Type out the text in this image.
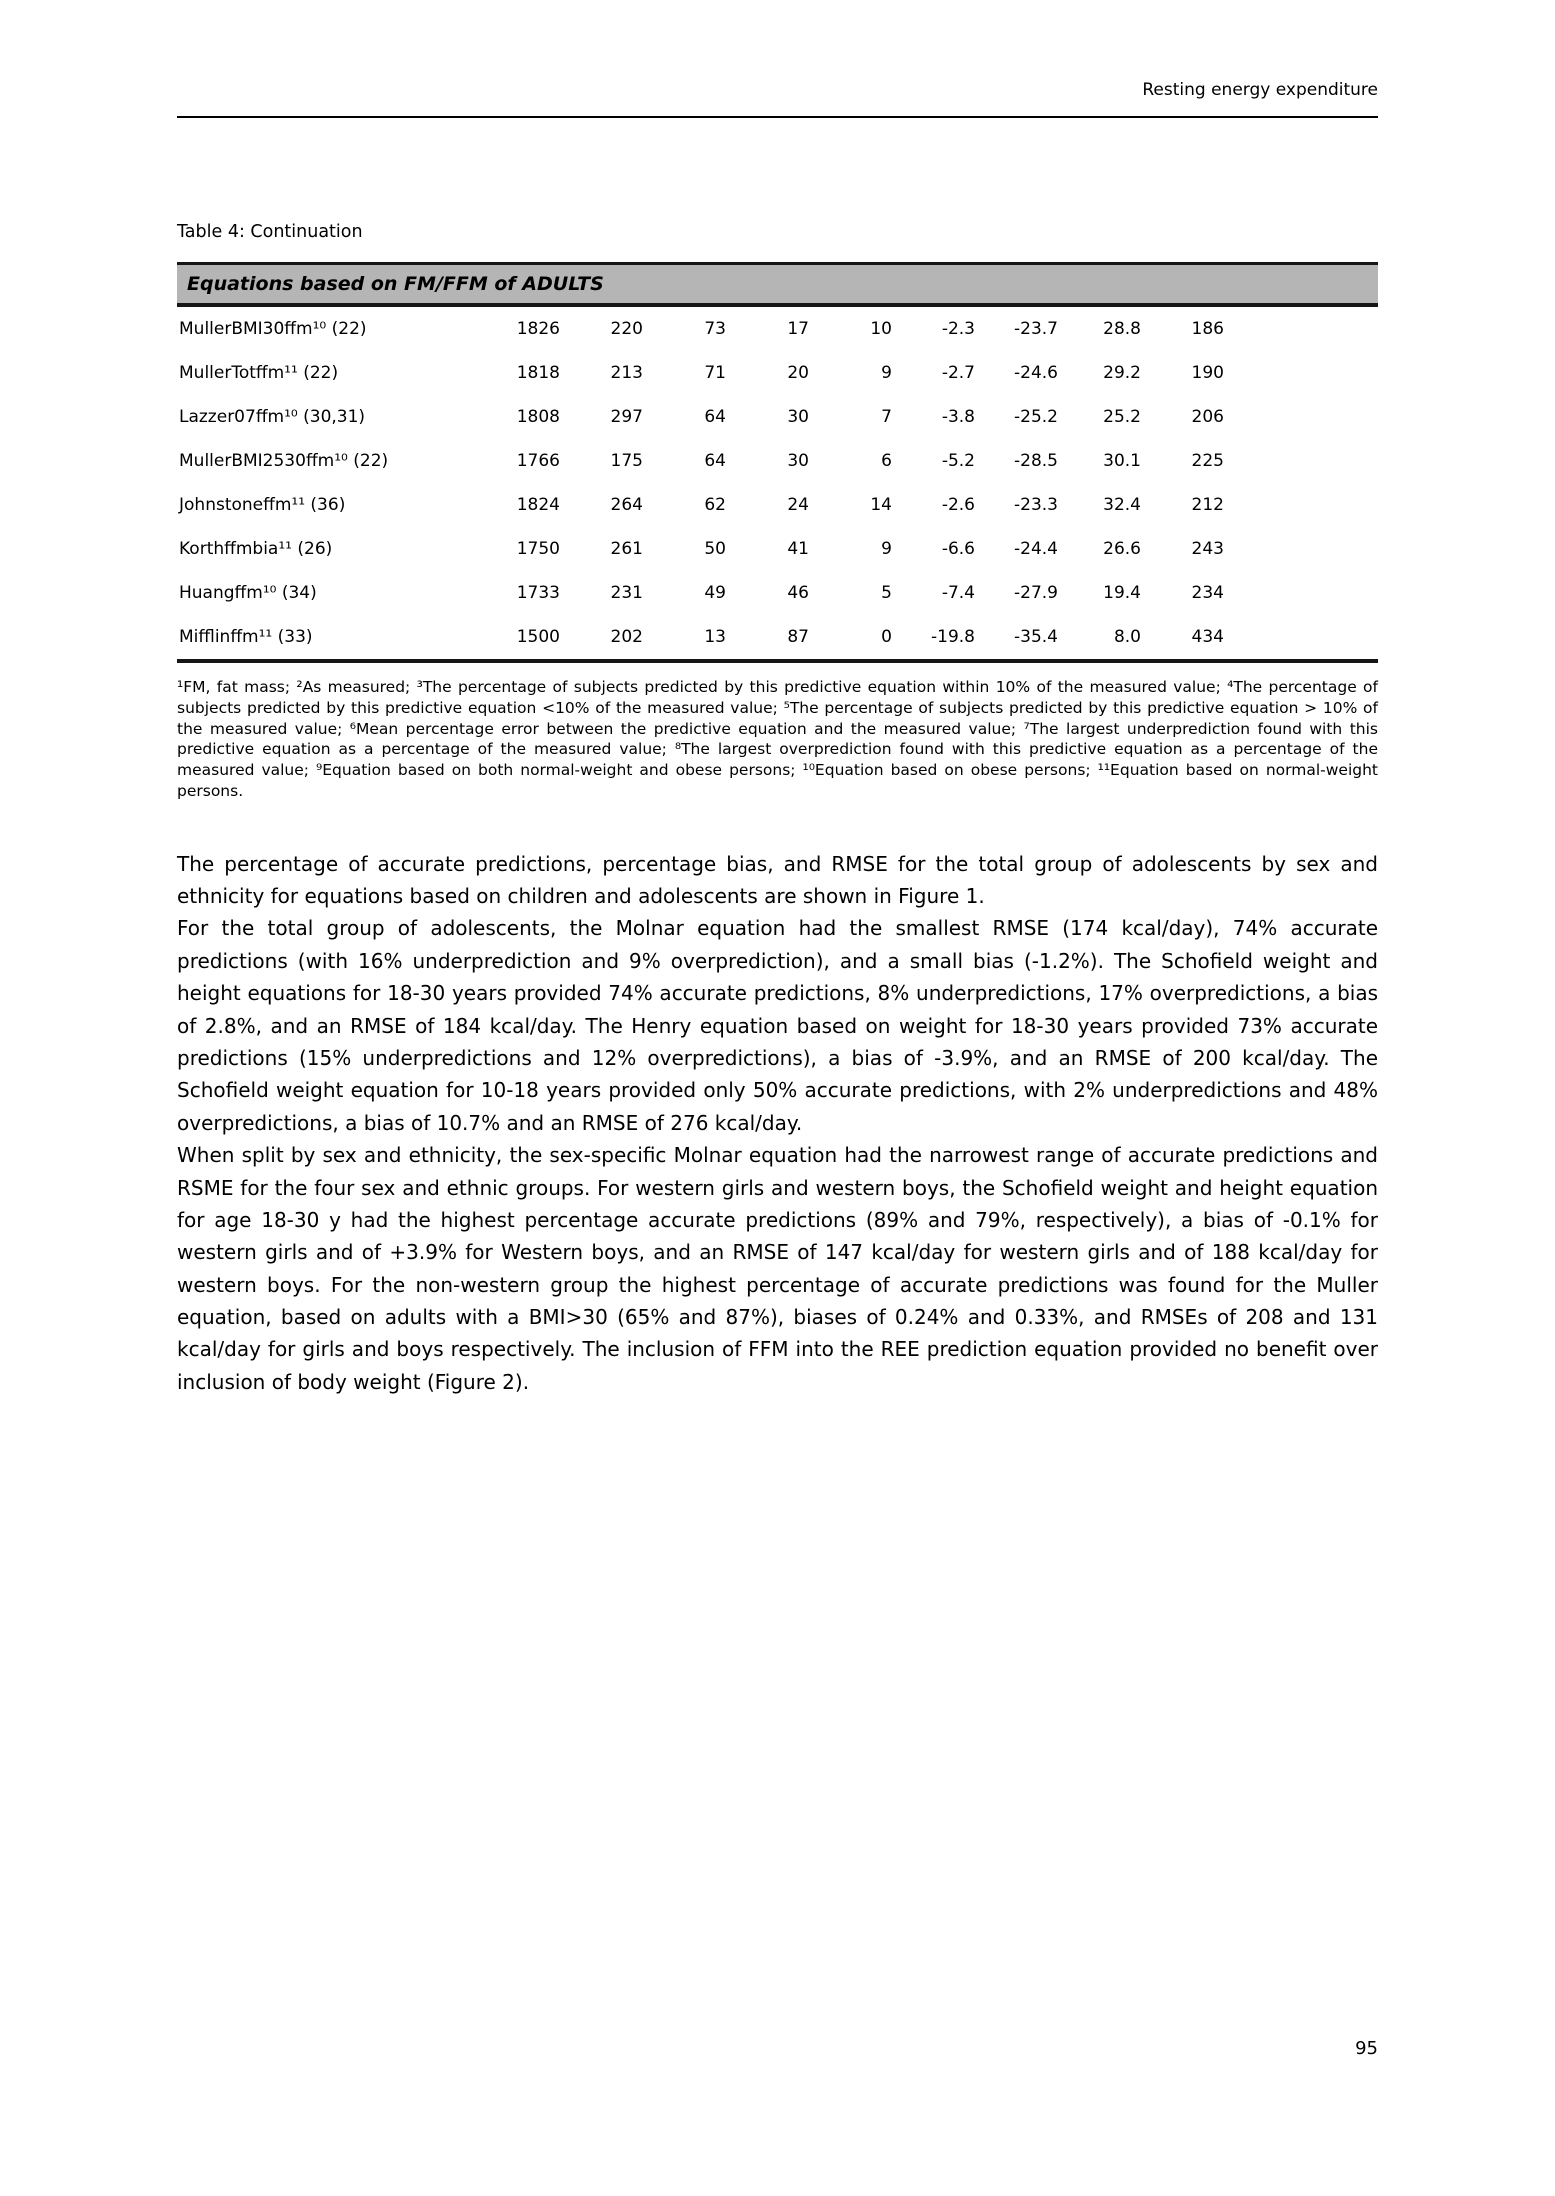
Resting energy expenditure
Table 4: Continuation
Equations based on FM/FFM of ADULTS										
MullerBMI30ffm¹⁰ (22)	1826	220	73	17	10	-2.3	-23.7	28.8	186	
MullerTotffm¹¹ (22)	1818	213	71	20	9	-2.7	-24.6	29.2	190	
Lazzer07ffm¹⁰ (30,31)	1808	297	64	30	7	-3.8	-25.2	25.2	206	
MullerBMI2530ffm¹⁰ (22)	1766	175	64	30	6	-5.2	-28.5	30.1	225	
Johnstoneffm¹¹ (36)	1824	264	62	24	14	-2.6	-23.3	32.4	212	
Korthffmbia¹¹ (26)	1750	261	50	41	9	-6.6	-24.4	26.6	243	
Huangffm¹⁰ (34)	1733	231	49	46	5	-7.4	-27.9	19.4	234	
Mifflinffm¹¹ (33)	1500	202	13	87	0	-19.8	-35.4	8.0	434	

¹FM, fat mass; ²As measured; ³The percentage of subjects predicted by this predictive equation within 10% of the measured value; ⁴The percentage of subjects predicted by this predictive equation <10% of the measured value; ⁵The percentage of subjects predicted by this predictive equation > 10% of the measured value; ⁶Mean percentage error between the predictive equation and the measured value; ⁷The largest underprediction found with this predictive equation as a percentage of the measured value; ⁸The largest overprediction found with this predictive equation as a percentage of the measured value; ⁹Equation based on both normal-weight and obese persons; ¹⁰Equation based on obese persons; ¹¹Equation based on normal-weight persons.

The percentage of accurate predictions, percentage bias, and RMSE for the total group of adolescents by sex and ethnicity for equations based on children and adolescents are shown in Figure 1.

For the total group of adolescents, the Molnar equation had the smallest RMSE (174 kcal/day), 74% accurate predictions (with 16% underprediction and 9% overprediction), and a small bias (-1.2%). The Schofield weight and height equations for 18-30 years provided 74% accurate predictions, 8% underpredictions, 17% overpredictions, a bias of 2.8%, and an RMSE of 184 kcal/day. The Henry equation based on weight for 18-30 years provided 73% accurate predictions (15% underpredictions and 12% overpredictions), a bias of -3.9%, and an RMSE of 200 kcal/day. The Schofield weight equation for 10-18 years provided only 50% accurate predictions, with 2% underpredictions and 48% overpredictions, a bias of 10.7% and an RMSE of 276 kcal/day.

When split by sex and ethnicity, the sex-specific Molnar equation had the narrowest range of accurate predictions and RSME for the four sex and ethnic groups. For western girls and western boys, the Schofield weight and height equation for age 18-30 y had the highest percentage accurate predictions (89% and 79%, respectively), a bias of -0.1% for western girls and of +3.9% for Western boys, and an RMSE of 147 kcal/day for western girls and of 188 kcal/day for western boys. For the non-western group the highest percentage of accurate predictions was found for the Muller equation, based on adults with a BMI>30 (65% and 87%), biases of 0.24% and 0.33%, and RMSEs of 208 and 131 kcal/day for girls and boys respectively. The inclusion of FFM into the REE prediction equation provided no benefit over inclusion of body weight (Figure 2).

95
